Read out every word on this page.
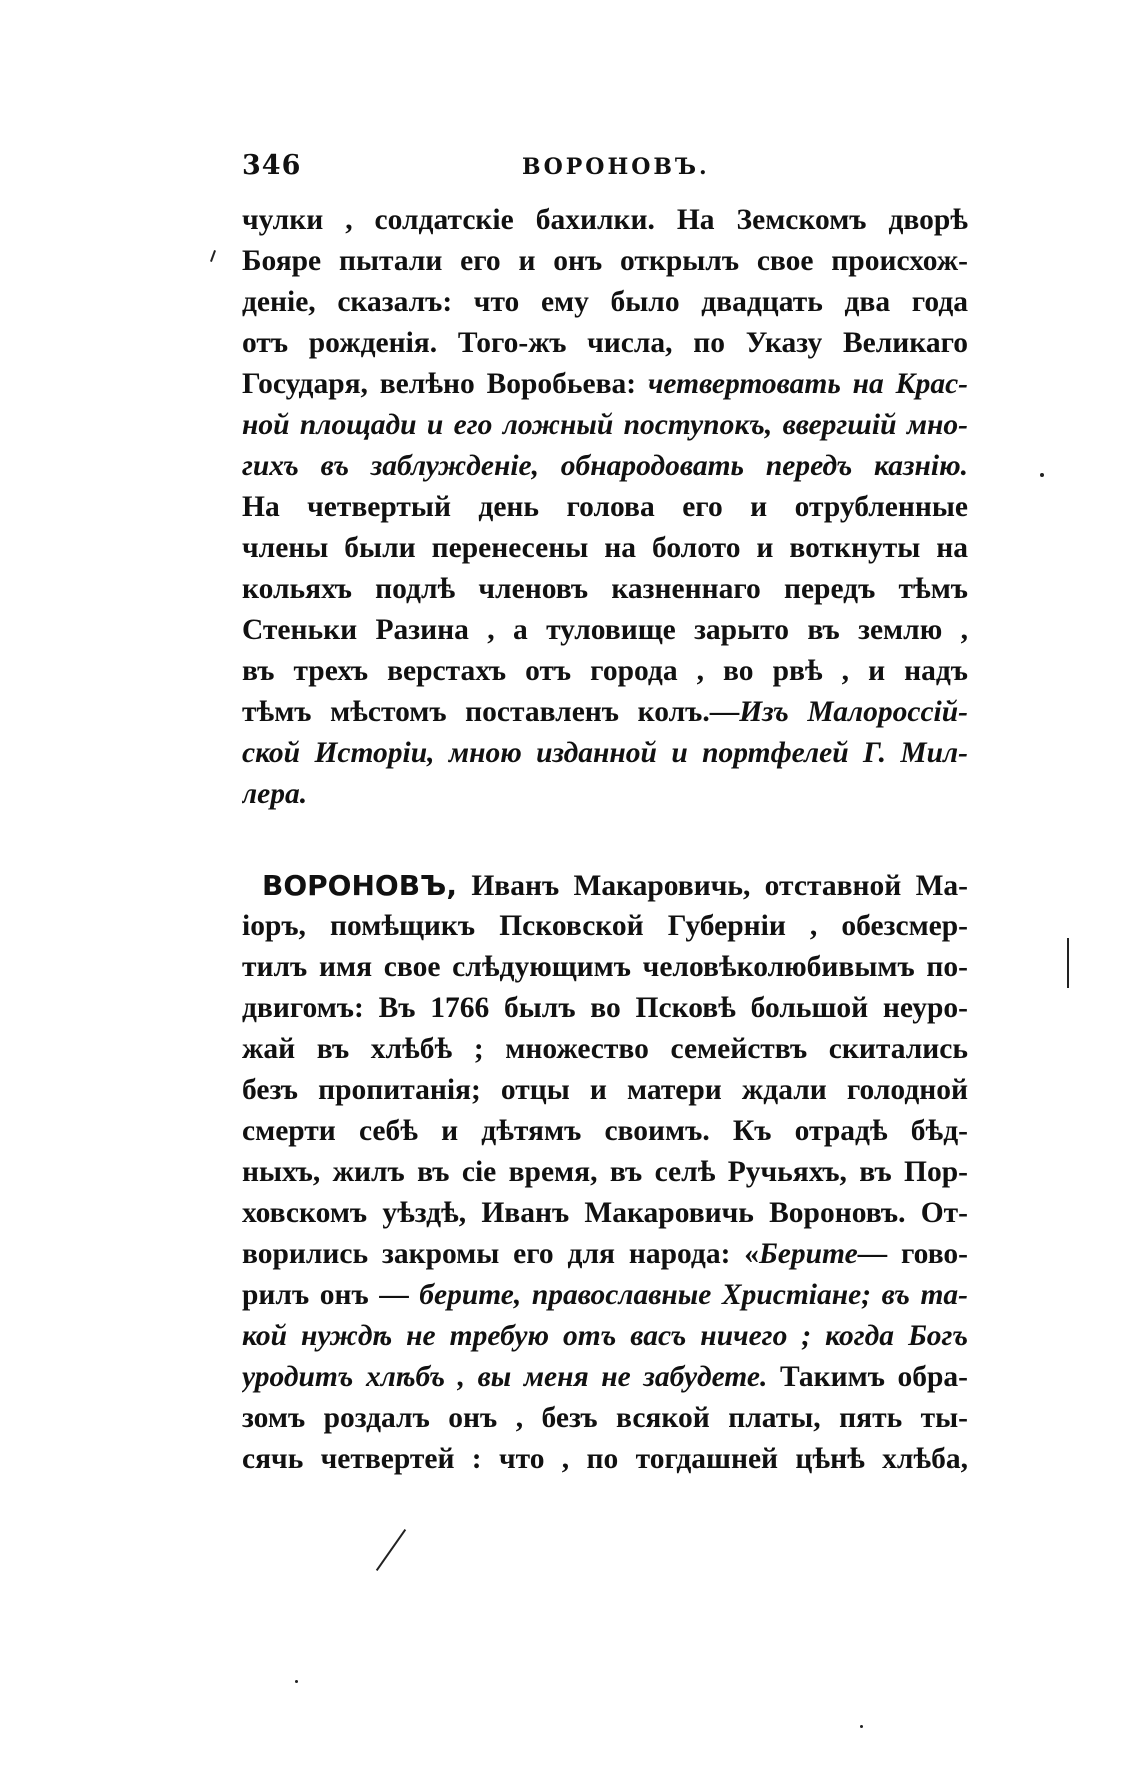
346	ВОРОНОВЪ.
чулки , солдатскіе бахилки. На Земскомъ дворѣ
Бояре пытали его и онъ открылъ свое происхож-
деніе, сказалъ: что ему было двадцать два года
отъ рожденія. Того-жъ числа, по Указу Великаго
Государя, велѣно Воробьева: четвертовать на Крас-
ной площади и его ложный поступокъ, ввергшій мно-
гихъ въ заблужденіе, обнародовать передъ казнію.
На четвертый день голова его и отрубленные
члены были перенесены на болото и воткнуты на
кольяхъ подлѣ членовъ казненнаго передъ тѣмъ
Стеньки Разина , а туловище зарыто въ землю ,
въ трехъ верстахъ отъ города , во рвѣ , и надъ
тѣмъ мѣстомъ поставленъ колъ.—Изъ Малороссій-
ской Исторіи, мною изданной и портфелей Г. Мил-
лера.
ВОРОНОВЪ, Иванъ Макаровичь, отставной Ма-
іоръ, помѣщикъ Псковской Губерніи , обезсмер-
тилъ имя свое слѣдующимъ человѣколюбивымъ по-
двигомъ: Въ 1766 былъ во Псковѣ большой неуро-
жай въ хлѣбѣ ; множество семействъ скитались
безъ пропитанія; отцы и матери ждали голодной
смерти себѣ и дѣтямъ своимъ. Къ отрадѣ бѣд-
ныхъ, жилъ въ сіе время, въ селѣ Ручьяхъ, въ Пор-
ховскомъ уѣздѣ, Иванъ Макаровичь Вороновъ. От-
ворились закромы его для народа: «Берите— гово-
рилъ онъ — берите, православные Христіане; въ та-
кой нуждѣ не требую отъ васъ ничего ; когда Богъ
уродитъ хлѣбъ , вы меня не забудете. Такимъ обра-
зомъ роздалъ онъ , безъ всякой платы, пять ты-
сячь четвертей : что , по тогдашней цѣнѣ хлѣба,
